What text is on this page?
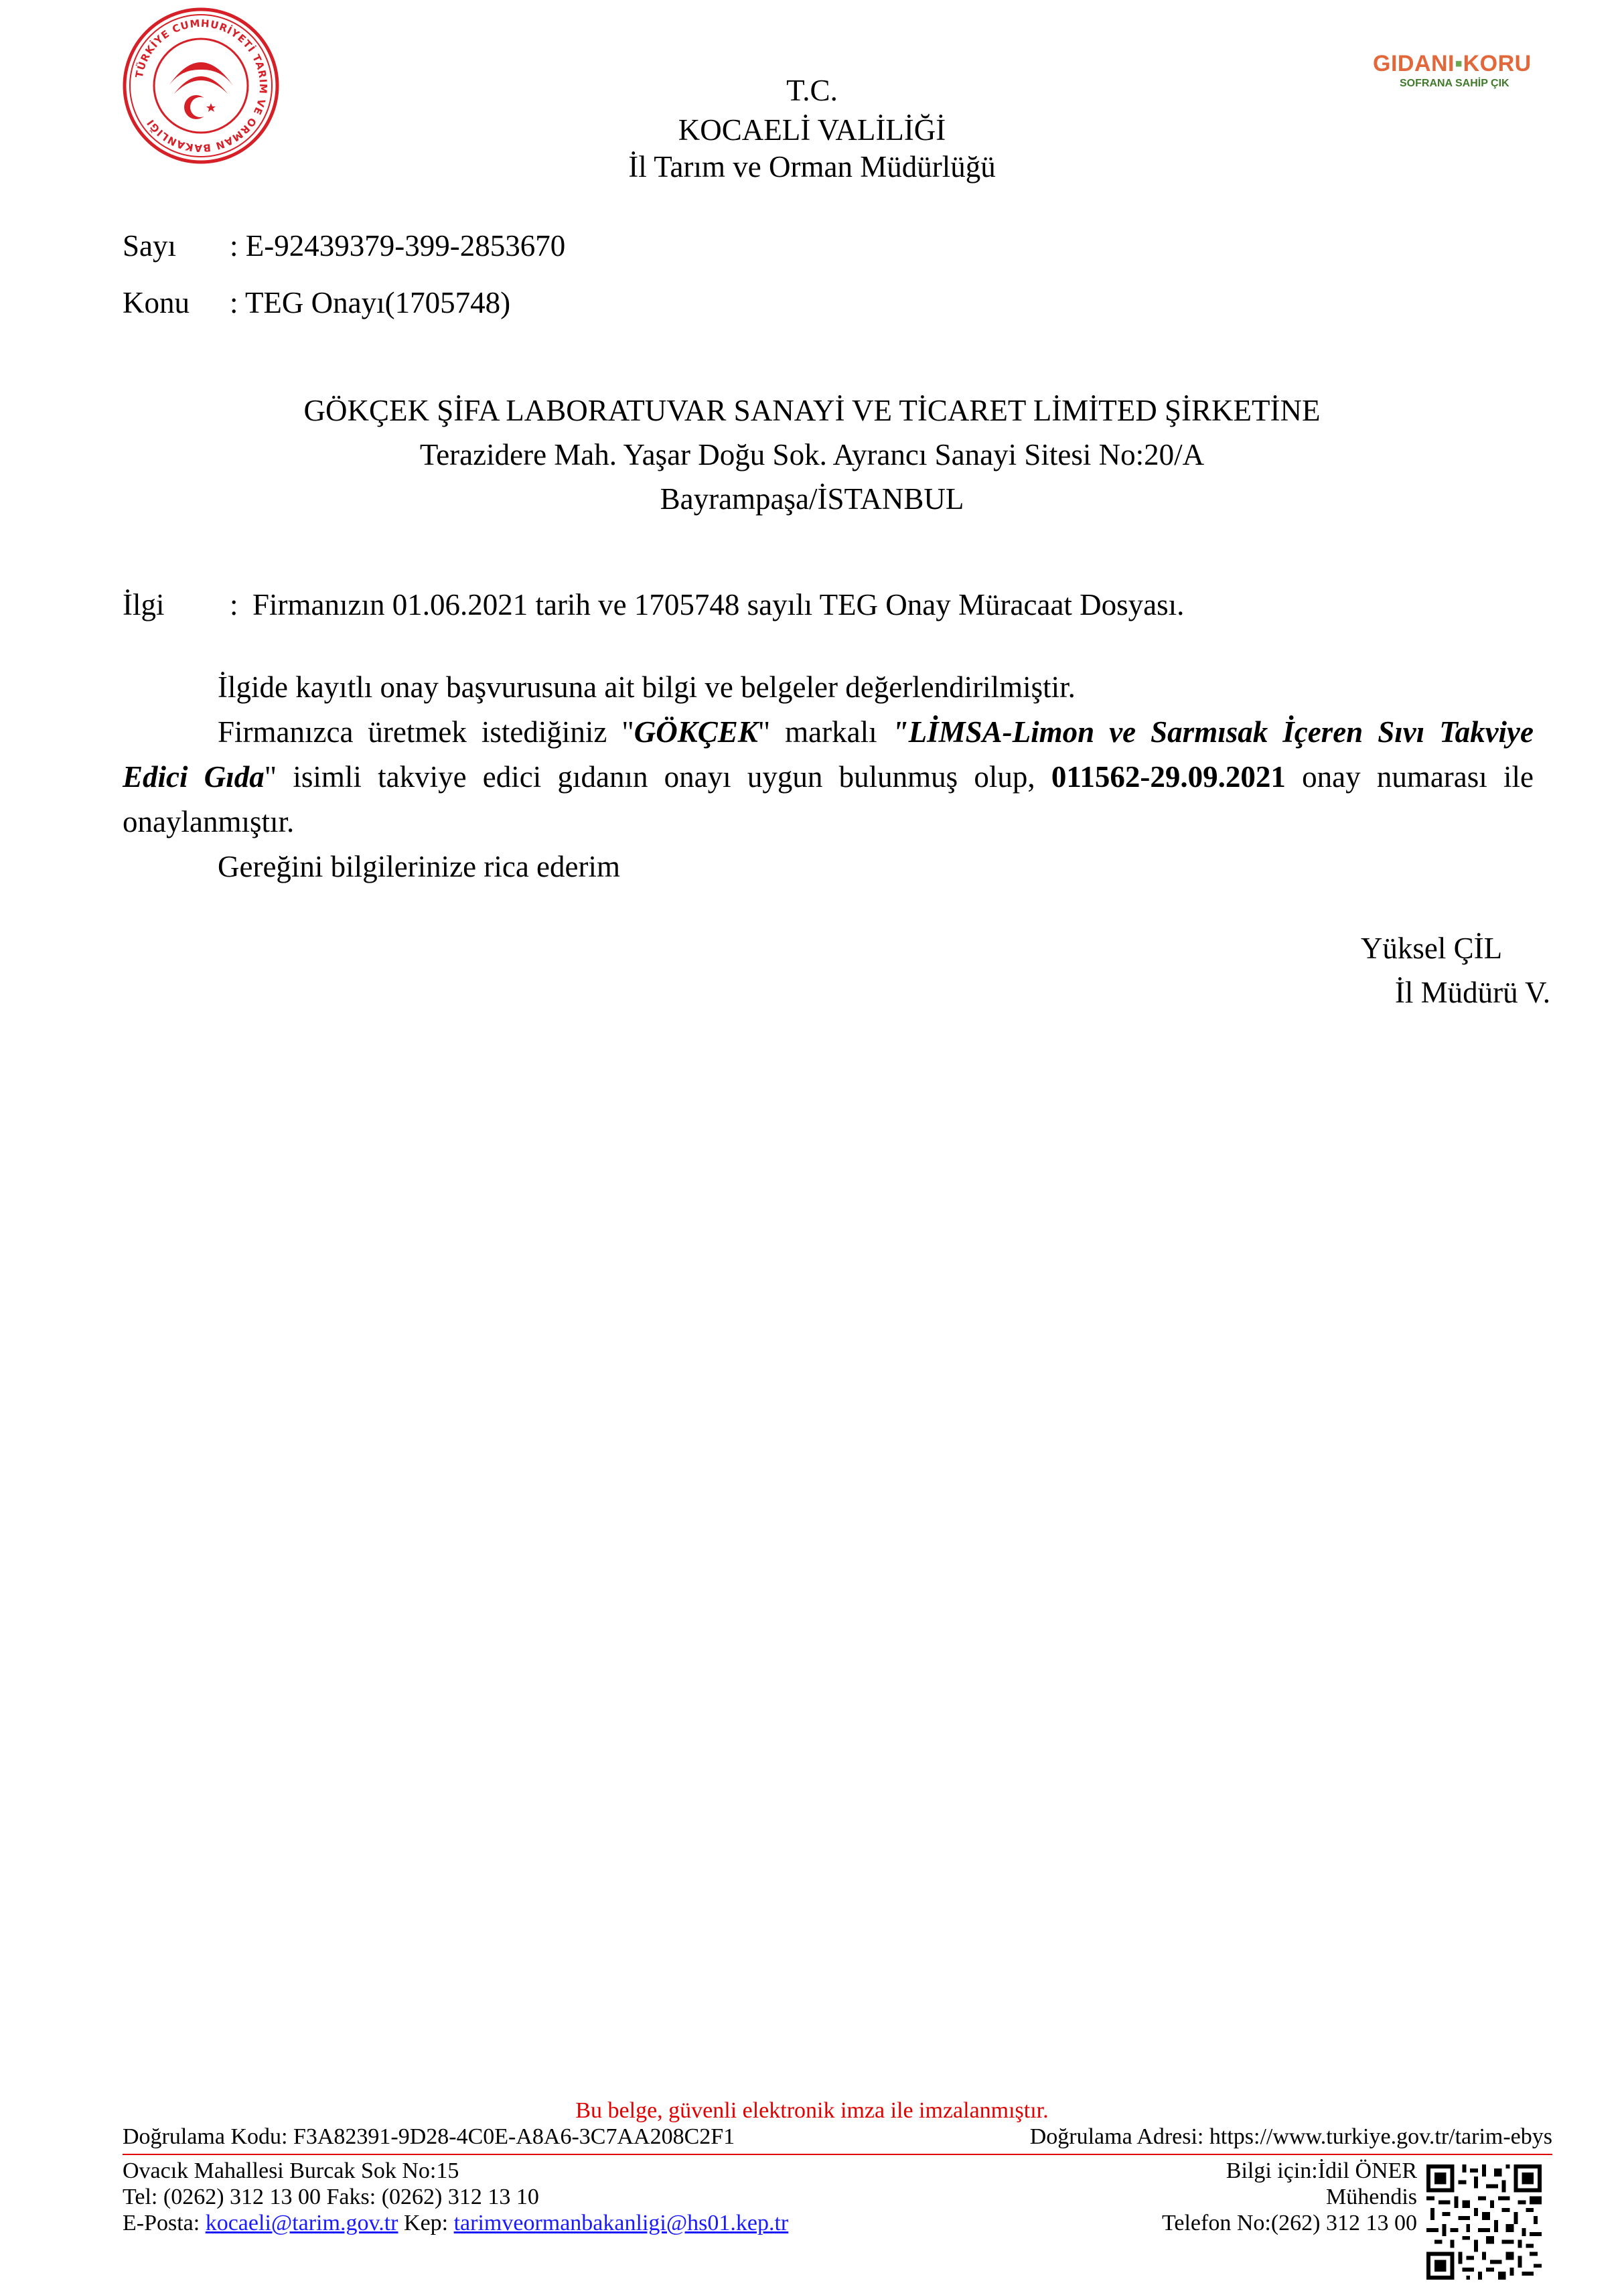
TÜRKİYE CUMHURİYETİ TARIM VE ORMAN BAKANLIĞI
GIDANI▪KORU
SOFRANA SAHİP ÇIK
T.C.
KOCAELİ VALİLİĞİ
İl Tarım ve Orman Müdürlüğü
Sayı : E-92439379-399-2853670
Konu : TEG Onayı(1705748)
GÖKÇEK ŞİFA LABORATUVAR SANAYİ VE TİCARET LİMİTED ŞİRKETİNE
Terazidere Mah. Yaşar Doğu Sok. Ayrancı Sanayi Sitesi No:20/A
Bayrampaşa/İSTANBUL
İlgi : Firmanızın 01.06.2021 tarih ve 1705748 sayılı TEG Onay Müracaat Dosyası.
İlgide kayıtlı onay başvurusuna ait bilgi ve belgeler değerlendirilmiştir.
Firmanızca üretmek istediğiniz "GÖKÇEK" markalı "LİMSA-Limon ve Sarmısak İçeren Sıvı Takviye Edici Gıda" isimli takviye edici gıdanın onayı uygun bulunmuş olup, 011562-29.09.2021 onay numarası ile onaylanmıştır.
Gereğini bilgilerinize rica ederim
Yüksel ÇİL
İl Müdürü V.
Bu belge, güvenli elektronik imza ile imzalanmıştır.
Doğrulama Kodu: F3A82391-9D28-4C0E-A8A6-3C7AA208C2F1	Doğrulama Adresi: https://www.turkiye.gov.tr/tarim-ebys
Ovacık Mahallesi Burcak Sok No:15
Tel: (0262) 312 13 00 Faks: (0262) 312 13 10
E-Posta: kocaeli@tarim.gov.tr Kep: tarimveormanbakanligi@hs01.kep.tr
Bilgi için:İdil ÖNER
Mühendis
Telefon No:(262) 312 13 00
